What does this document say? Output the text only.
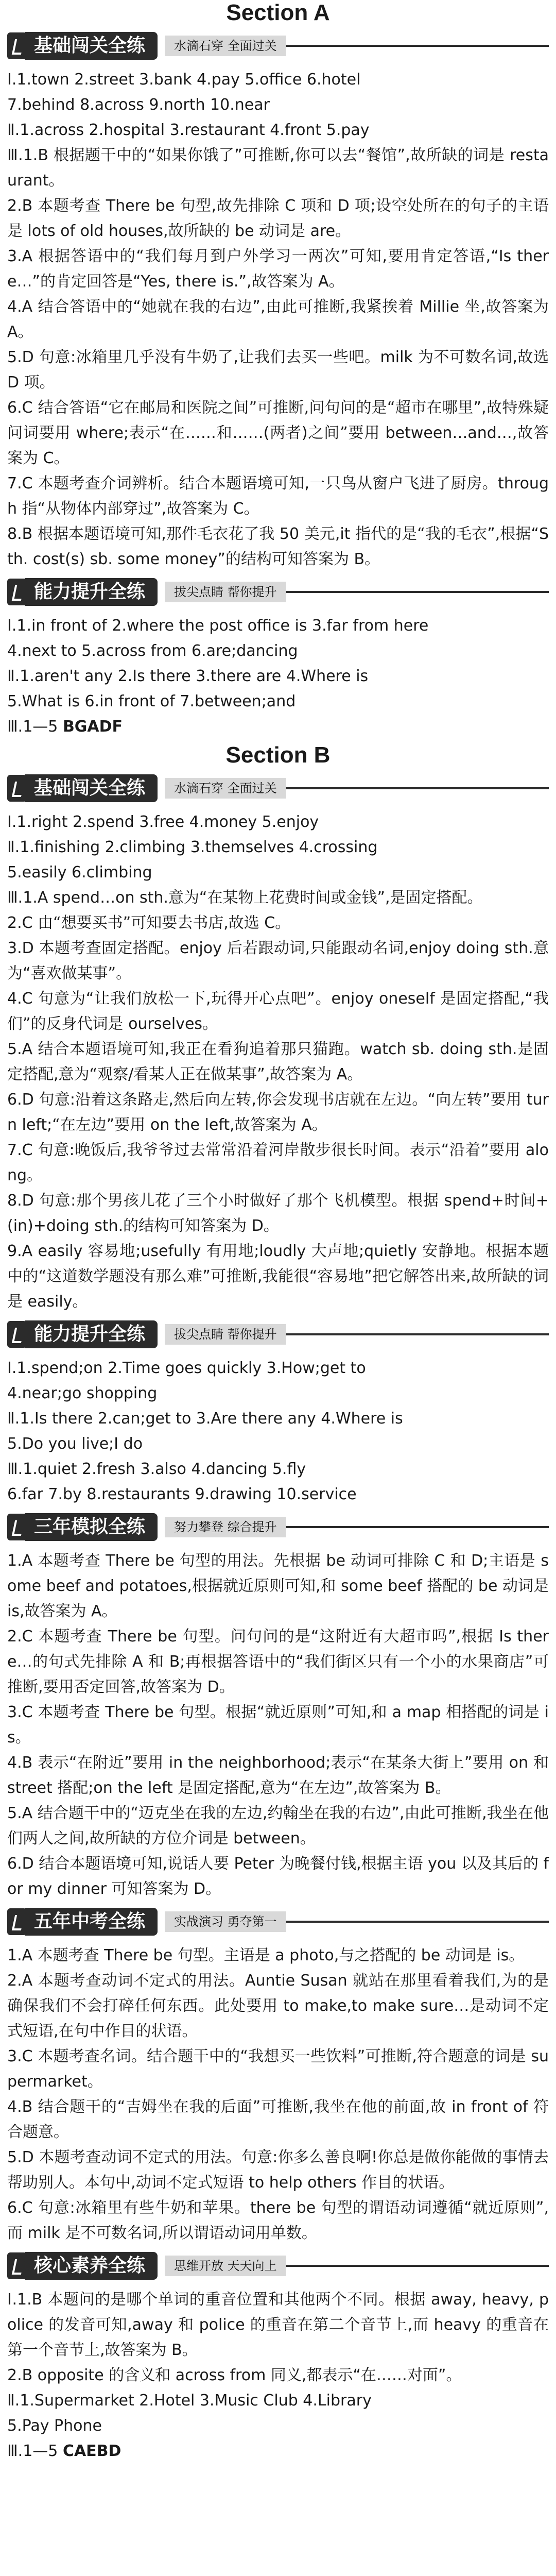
Section A
基础闯关全练	水滴石穿 全面过关

Ⅰ.1.town 2.street 3.bank 4.pay 5.office 6.hotel

7.behind 8.across 9.north 10.near

Ⅱ.1.across 2.hospital 3.restaurant 4.front 5.pay

Ⅲ.1.B 根据题干中的“如果你饿了”可推断,你可以去“餐馆”,故所缺的词是 restaurant。

2.B 本题考查 There be 句型,故先排除 C 项和 D 项;设空处所在的句子的主语是 lots of old houses,故所缺的 be 动词是 are。

3.A 根据答语中的“我们每月到户外学习一两次”可知,要用肯定答语,“Is there…”的肯定回答是“Yes, there is.”,故答案为 A。

4.A 结合答语中的“她就在我的右边”,由此可推断,我紧挨着 Millie 坐,故答案为 A。

5.D 句意:冰箱里几乎没有牛奶了,让我们去买一些吧。milk 为不可数名词,故选 D 项。

6.C 结合答语“它在邮局和医院之间”可推断,问句问的是“超市在哪里”,故特殊疑问词要用 where;表示“在……和……(两者)之间”要用 between…and…,故答案为 C。

7.C 本题考查介词辨析。结合本题语境可知,一只鸟从窗户飞进了厨房。through 指“从物体内部穿过”,故答案为 C。

8.B 根据本题语境可知,那件毛衣花了我 50 美元,it 指代的是“我的毛衣”,根据“Sth. cost(s) sb. some money”的结构可知答案为 B。

能力提升全练	拔尖点睛 帮你提升

Ⅰ.1.in front of 2.where the post office is 3.far from here

4.next to 5.across from 6.are;dancing

Ⅱ.1.aren't any 2.Is there 3.there are 4.Where is

5.What is 6.in front of 7.between;and

Ⅲ.1—5 BGADF

Section B
基础闯关全练	水滴石穿 全面过关

Ⅰ.1.right 2.spend 3.free 4.money 5.enjoy

Ⅱ.1.finishing 2.climbing 3.themselves 4.crossing

5.easily 6.climbing

Ⅲ.1.A spend…on sth.意为“在某物上花费时间或金钱”,是固定搭配。

2.C 由“想要买书”可知要去书店,故选 C。

3.D 本题考查固定搭配。enjoy 后若跟动词,只能跟动名词,enjoy doing sth.意为“喜欢做某事”。

4.C 句意为“让我们放松一下,玩得开心点吧”。enjoy oneself 是固定搭配,“我们”的反身代词是 ourselves。

5.A 结合本题语境可知,我正在看狗追着那只猫跑。watch sb. doing sth.是固定搭配,意为“观察/看某人正在做某事”,故答案为 A。

6.D 句意:沿着这条路走,然后向左转,你会发现书店就在左边。“向左转”要用 turn left;“在左边”要用 on the left,故答案为 A。

7.C 句意:晚饭后,我爷爷过去常常沿着河岸散步很长时间。表示“沿着”要用 along。

8.D 句意:那个男孩儿花了三个小时做好了那个飞机模型。根据 spend+时间+(in)+doing sth.的结构可知答案为 D。

9.A easily 容易地;usefully 有用地;loudly 大声地;quietly 安静地。根据本题中的“这道数学题没有那么难”可推断,我能很“容易地”把它解答出来,故所缺的词是 easily。

能力提升全练	拔尖点睛 帮你提升

Ⅰ.1.spend;on 2.Time goes quickly 3.How;get to

4.near;go shopping

Ⅱ.1.Is there 2.can;get to 3.Are there any 4.Where is

5.Do you live;I do

Ⅲ.1.quiet 2.fresh 3.also 4.dancing 5.fly

6.far 7.by 8.restaurants 9.drawing 10.service

三年模拟全练	努力攀登 综合提升

1.A 本题考查 There be 句型的用法。先根据 be 动词可排除 C 和 D;主语是 some beef and potatoes,根据就近原则可知,和 some beef 搭配的 be 动词是 is,故答案为 A。

2.C 本题考查 There be 句型。问句问的是“这附近有大超市吗”,根据 Is there…的句式先排除 A 和 B;再根据答语中的“我们街区只有一个小的水果商店”可推断,要用否定回答,故答案为 D。

3.C 本题考查 There be 句型。根据“就近原则”可知,和 a map 相搭配的词是 is。

4.B 表示“在附近”要用 in the neighborhood;表示“在某条大街上”要用 on 和 street 搭配;on the left 是固定搭配,意为“在左边”,故答案为 B。

5.A 结合题干中的“迈克坐在我的左边,约翰坐在我的右边”,由此可推断,我坐在他们两人之间,故所缺的方位介词是 between。

6.D 结合本题语境可知,说话人要 Peter 为晚餐付钱,根据主语 you 以及其后的 for my dinner 可知答案为 D。

五年中考全练	实战演习 勇夺第一

1.A 本题考查 There be 句型。主语是 a photo,与之搭配的 be 动词是 is。

2.A 本题考查动词不定式的用法。Auntie Susan 就站在那里看着我们,为的是确保我们不会打碎任何东西。此处要用 to make,to make sure…是动词不定式短语,在句中作目的状语。

3.C 本题考查名词。结合题干中的“我想买一些饮料”可推断,符合题意的词是 supermarket。

4.B 结合题干的“吉姆坐在我的后面”可推断,我坐在他的前面,故 in front of 符合题意。

5.D 本题考查动词不定式的用法。句意:你多么善良啊!你总是做你能做的事情去帮助别人。本句中,动词不定式短语 to help others 作目的状语。

6.C 句意:冰箱里有些牛奶和苹果。there be 句型的谓语动词遵循“就近原则”,而 milk 是不可数名词,所以谓语动词用单数。

核心素养全练	思维开放 天天向上

Ⅰ.1.B 本题问的是哪个单词的重音位置和其他两个不同。根据 away, heavy, police 的发音可知,away 和 police 的重音在第二个音节上,而 heavy 的重音在第一个音节上,故答案为 B。

2.B opposite 的含义和 across from 同义,都表示“在……对面”。

Ⅱ.1.Supermarket 2.Hotel 3.Music Club 4.Library

5.Pay Phone

Ⅲ.1—5 CAEBD
